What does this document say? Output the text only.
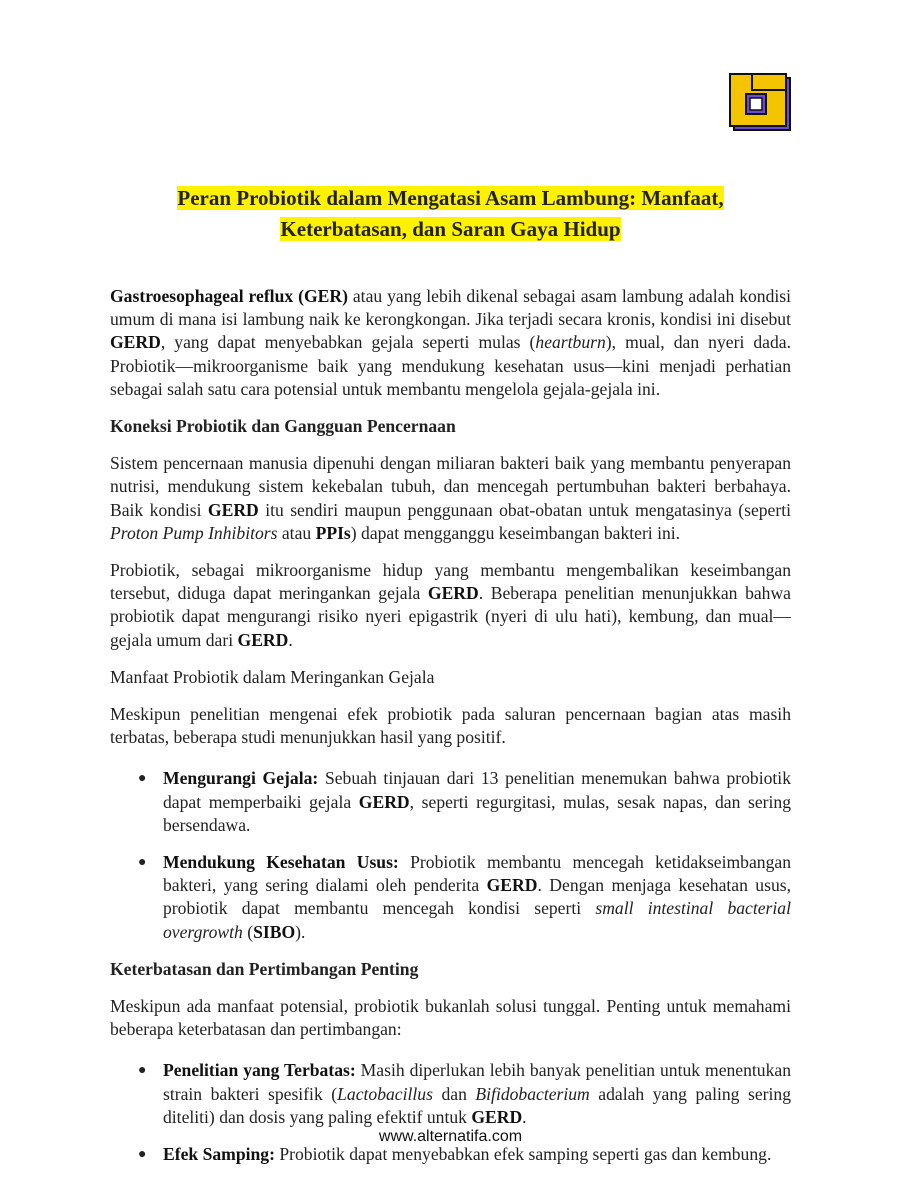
Peran Probiotik dalam Mengatasi Asam Lambung: Manfaat,
Keterbatasan, dan Saran Gaya Hidup

Gastroesophageal reflux (GER) atau yang lebih dikenal sebagai asam lambung adalah kondisi umum di mana isi lambung naik ke kerongkongan. Jika terjadi secara kronis, kondisi ini disebut GERD, yang dapat menyebabkan gejala seperti mulas (heartburn), mual, dan nyeri dada. Probiotik—mikroorganisme baik yang mendukung kesehatan usus—kini menjadi perhatian sebagai salah satu cara potensial untuk membantu mengelola gejala-gejala ini.

Koneksi Probiotik dan Gangguan Pencernaan

Sistem pencernaan manusia dipenuhi dengan miliaran bakteri baik yang membantu penyerapan nutrisi, mendukung sistem kekebalan tubuh, dan mencegah pertumbuhan bakteri berbahaya. Baik kondisi GERD itu sendiri maupun penggunaan obat-obatan untuk mengatasinya (seperti Proton Pump Inhibitors atau PPIs) dapat mengganggu keseimbangan bakteri ini.

Probiotik, sebagai mikroorganisme hidup yang membantu mengembalikan keseimbangan tersebut, diduga dapat meringankan gejala GERD. Beberapa penelitian menunjukkan bahwa probiotik dapat mengurangi risiko nyeri epigastrik (nyeri di ulu hati), kembung, dan mual—gejala umum dari GERD.

Manfaat Probiotik dalam Meringankan Gejala

Meskipun penelitian mengenai efek probiotik pada saluran pencernaan bagian atas masih terbatas, beberapa studi menunjukkan hasil yang positif.

● Mengurangi Gejala: Sebuah tinjauan dari 13 penelitian menemukan bahwa probiotik dapat memperbaiki gejala GERD, seperti regurgitasi, mulas, sesak napas, dan sering bersendawa.
● Mendukung Kesehatan Usus: Probiotik membantu mencegah ketidakseimbangan bakteri, yang sering dialami oleh penderita GERD. Dengan menjaga kesehatan usus, probiotik dapat membantu mencegah kondisi seperti small intestinal bacterial overgrowth (SIBO).
Keterbatasan dan Pertimbangan Penting

Meskipun ada manfaat potensial, probiotik bukanlah solusi tunggal. Penting untuk memahami beberapa keterbatasan dan pertimbangan:

● Penelitian yang Terbatas: Masih diperlukan lebih banyak penelitian untuk menentukan strain bakteri spesifik (Lactobacillus dan Bifidobacterium adalah yang paling sering diteliti) dan dosis yang paling efektif untuk GERD.
● Efek Samping: Probiotik dapat menyebabkan efek samping seperti gas dan kembung.
www.alternatifa.com
